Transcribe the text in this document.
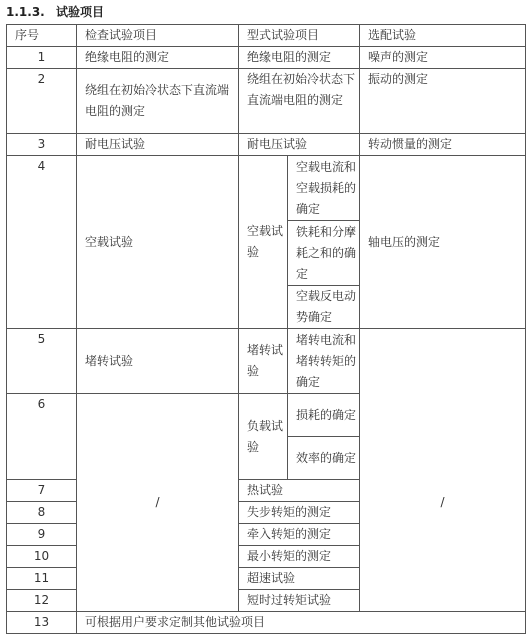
1.1.3. 试验项目
序号	检查试验项目	型式试验项目		选配试验
1	绝缘电阻的测定	绝缘电阻的测定		噪声的测定
2	绕组在初始冷状态下直流端电阻的测定	绕组在初始冷状态下直流端电阻的测定		振动的测定
3	耐电压试验	耐电压试验		转动惯量的测定
4	空载试验	空载试验	空载电流和空载损耗的确定	轴电压的测定
			铁耗和分摩耗之和的确定	
			空载反电动势确定	
5	堵转试验	堵转试验	堵转电流和堵转转矩的确定	
6	/	负载试验	损耗的确定	/
			效率的确定	
7		热试验		
8		失步转矩的测定		
9		牵入转矩的测定		
10		最小转矩的测定		
11		超速试验		
12		短时过转矩试验		
13	可根据用户要求定制其他试验项目			
